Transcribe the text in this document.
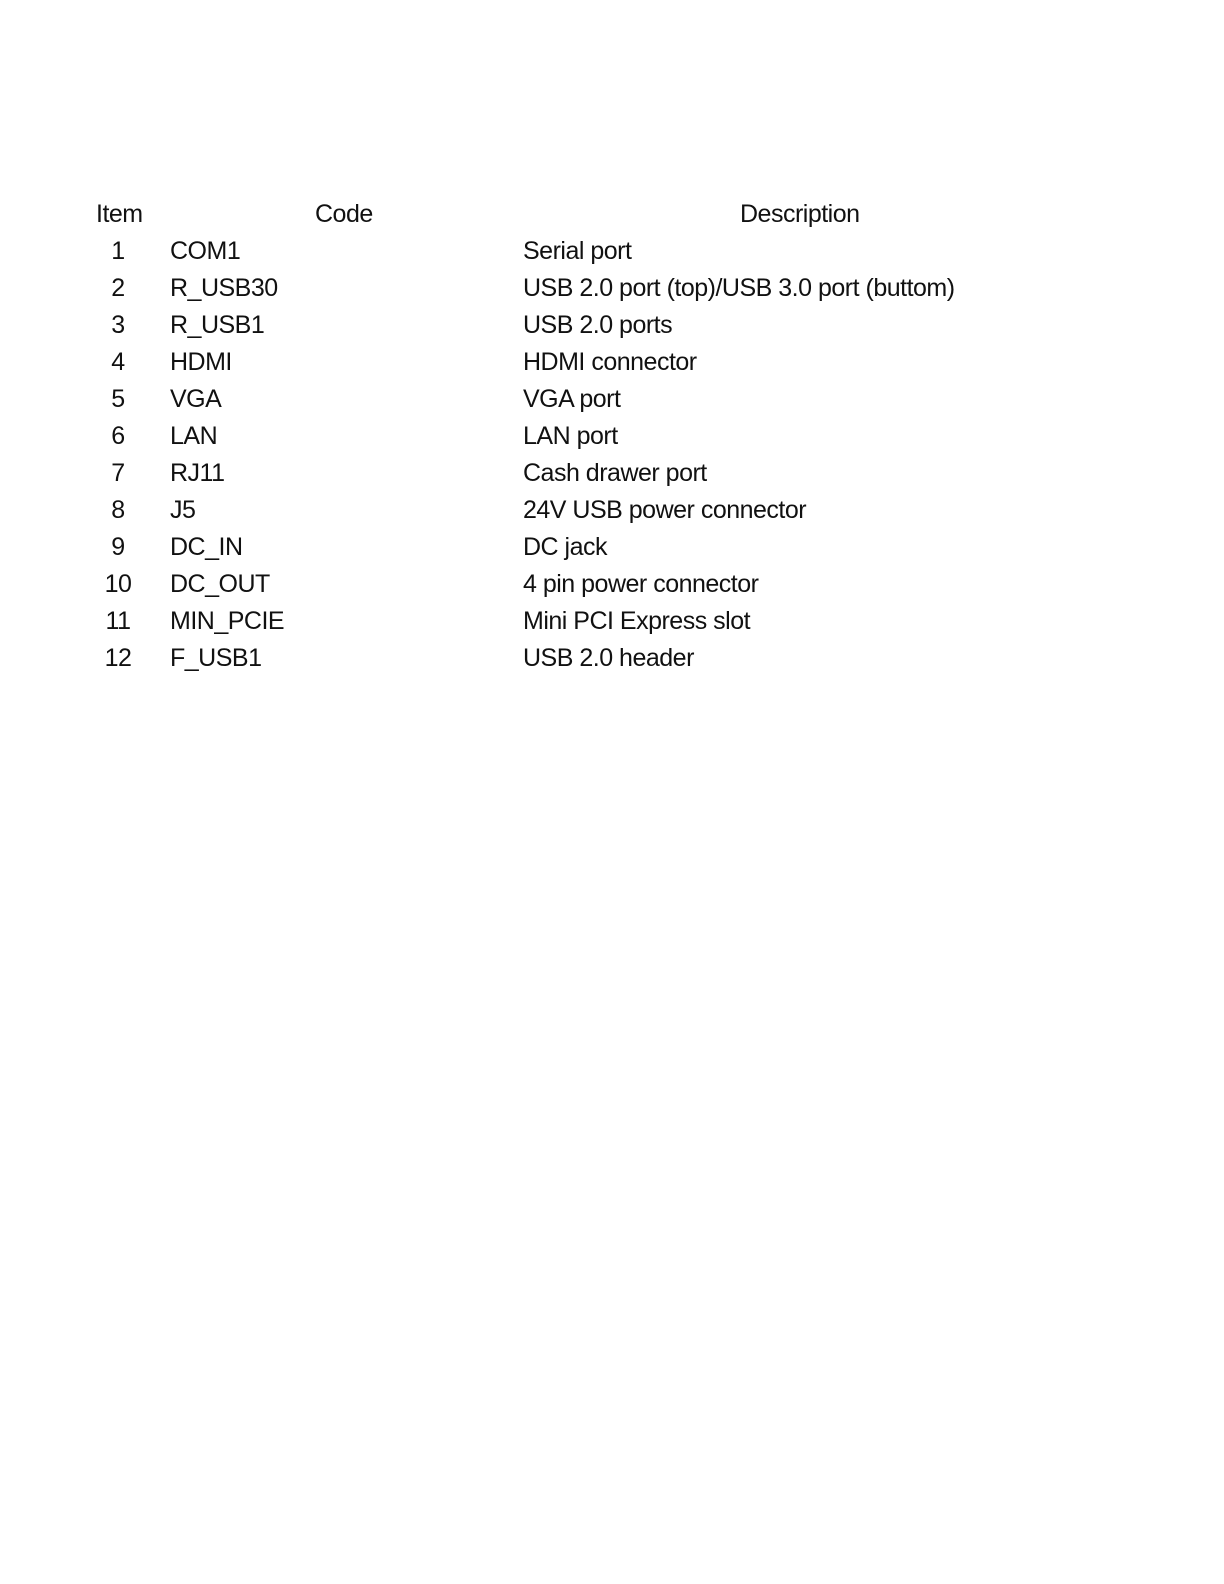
Item	Code	Description
1	COM1	Serial port
2	R_USB30	USB 2.0 port (top)/USB 3.0 port (buttom)
3	R_USB1	USB 2.0 ports
4	HDMI	HDMI connector
5	VGA	VGA port
6	LAN	LAN port
7	RJ11	Cash drawer port
8	J5	24V USB power connector
9	DC_IN	DC jack
10 DC_OUT	4 pin power connector
11 MIN_PCIE	Mini PCI Express slot
12 F_USB1	USB 2.0 header
